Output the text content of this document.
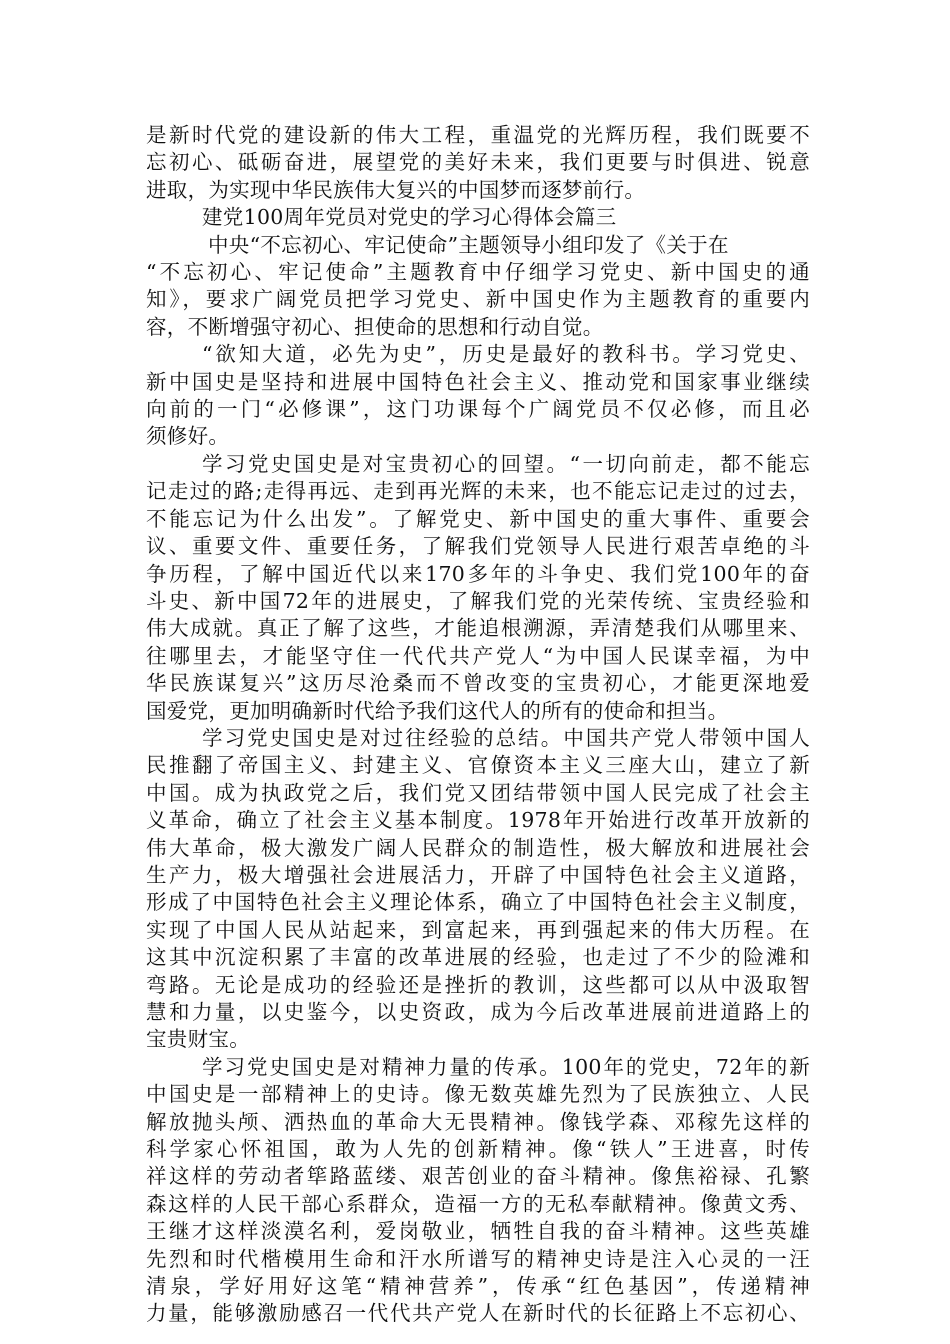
是新时代党的建设新的伟大工程，重温党的光辉历程，我们既要不
忘初心、砥砺奋进，展望党的美好未来，我们更要与时俱进、锐意
进取，为实现中华民族伟大复兴的中国梦而逐梦前行。
建党100周年党员对党史的学习心得体会篇三
中央“不忘初心、牢记使命”主题领导小组印发了《关于在
“不忘初心、牢记使命”主题教育中仔细学习党史、新中国史的通
知》，要求广阔党员把学习党史、新中国史作为主题教育的重要内
容，不断增强守初心、担使命的思想和行动自觉。
“欲知大道，必先为史”，历史是最好的教科书。学习党史、
新中国史是坚持和进展中国特色社会主义、推动党和国家事业继续
向前的一门“必修课”，这门功课每个广阔党员不仅必修，而且必
须修好。
学习党史国史是对宝贵初心的回望。“一切向前走，都不能忘
记走过的路;走得再远、走到再光辉的未来，也不能忘记走过的过去，
不能忘记为什么出发”。了解党史、新中国史的重大事件、重要会
议、重要文件、重要任务，了解我们党领导人民进行艰苦卓绝的斗
争历程，了解中国近代以来170多年的斗争史、我们党100年的奋
斗史、新中国72年的进展史，了解我们党的光荣传统、宝贵经验和
伟大成就。真正了解了这些，才能追根溯源，弄清楚我们从哪里来、
往哪里去，才能坚守住一代代共产党人“为中国人民谋幸福，为中
华民族谋复兴”这历尽沧桑而不曾改变的宝贵初心，才能更深地爱
国爱党，更加明确新时代给予我们这代人的所有的使命和担当。
学习党史国史是对过往经验的总结。中国共产党人带领中国人
民推翻了帝国主义、封建主义、官僚资本主义三座大山，建立了新
中国。成为执政党之后，我们党又团结带领中国人民完成了社会主
义革命，确立了社会主义基本制度。1978年开始进行改革开放新的
伟大革命，极大激发广阔人民群众的制造性，极大解放和进展社会
生产力，极大增强社会进展活力，开辟了中国特色社会主义道路，
形成了中国特色社会主义理论体系，确立了中国特色社会主义制度，
实现了中国人民从站起来，到富起来，再到强起来的伟大历程。在
这其中沉淀积累了丰富的改革进展的经验，也走过了不少的险滩和
弯路。无论是成功的经验还是挫折的教训，这些都可以从中汲取智
慧和力量，以史鉴今，以史资政，成为今后改革进展前进道路上的
宝贵财宝。
学习党史国史是对精神力量的传承。100年的党史，72年的新
中国史是一部精神上的史诗。像无数英雄先烈为了民族独立、人民
解放抛头颅、洒热血的革命大无畏精神。像钱学森、邓稼先这样的
科学家心怀祖国，敢为人先的创新精神。像“铁人”王进喜，时传
祥这样的劳动者筚路蓝缕、艰苦创业的奋斗精神。像焦裕禄、孔繁
森这样的人民干部心系群众，造福一方的无私奉献精神。像黄文秀、
王继才这样淡漠名利，爱岗敬业，牺牲自我的奋斗精神。这些英雄
先烈和时代楷模用生命和汗水所谱写的精神史诗是注入心灵的一汪
清泉，学好用好这笔“精神营养”，传承“红色基因”，传递精神
力量，能够激励感召一代代共产党人在新时代的长征路上不忘初心、
